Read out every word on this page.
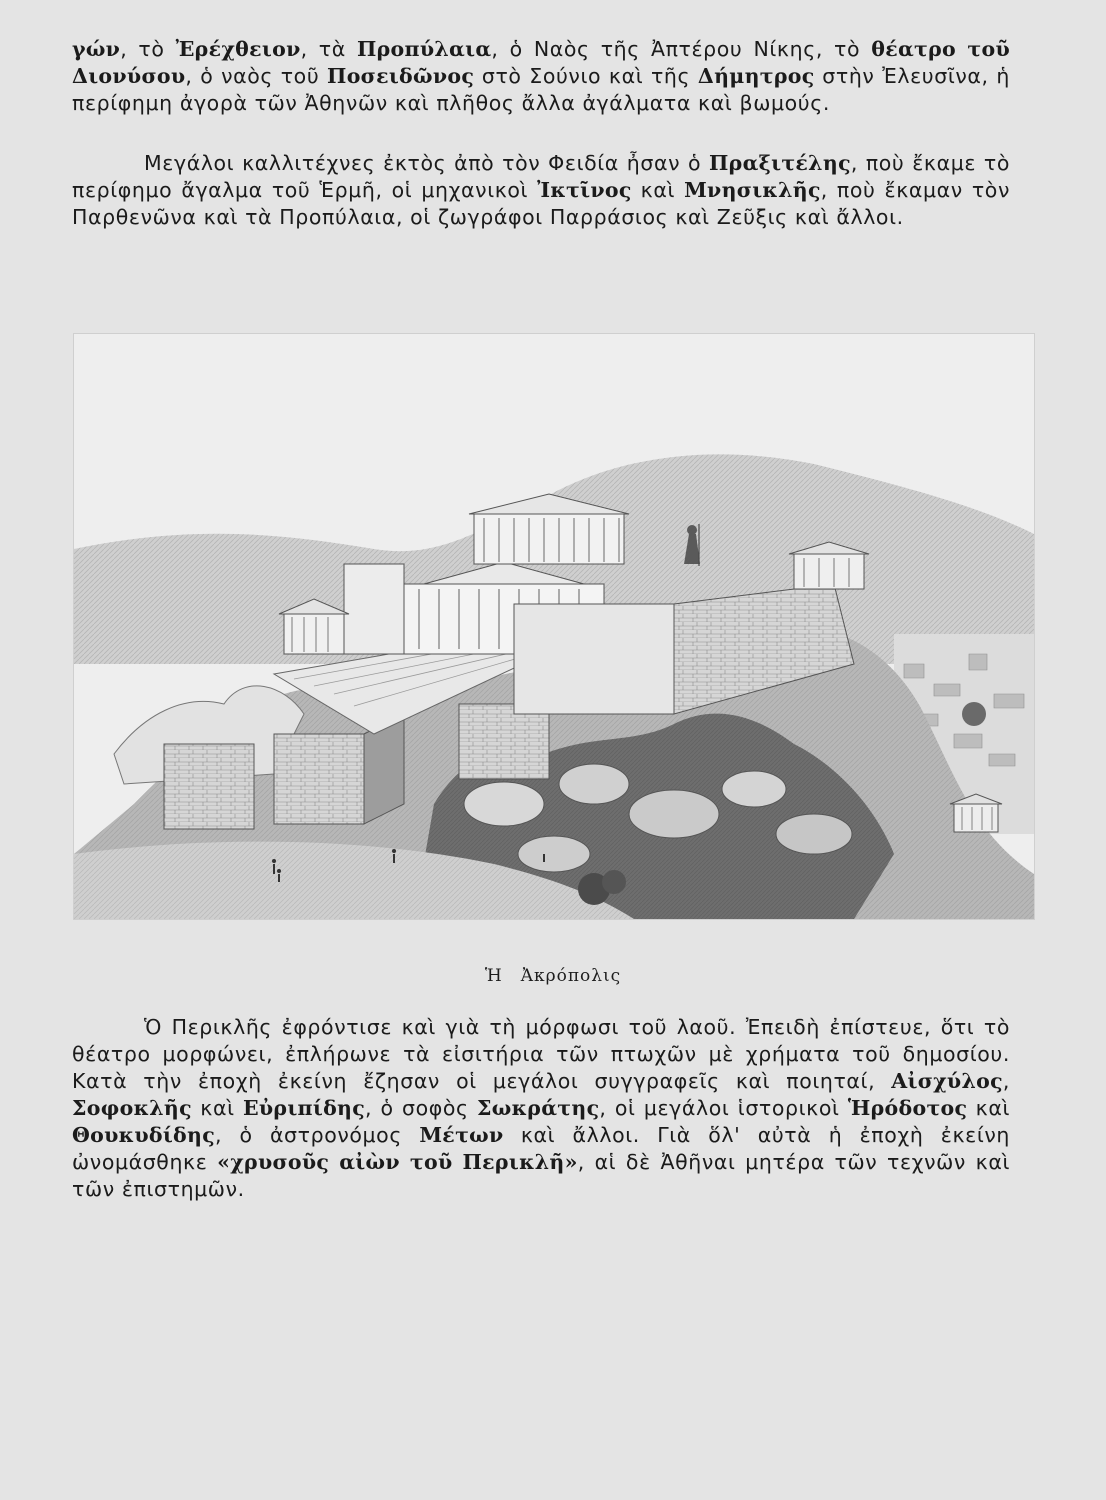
γών, τὸ Ἐρέχθειον, τὰ Προπύλαια, ὁ Ναὸς τῆς Ἀπτέρου Νίκης, τὸ θέατρο τοῦ Διονύσου, ὁ ναὸς τοῦ Ποσειδῶνος στὸ Σούνιο καὶ τῆς Δήμητρος στὴν Ἐλευσῖνα, ἡ περίφημη ἀγορὰ τῶν Ἀθηνῶν καὶ πλῆθος ἄλλα ἀγάλματα καὶ βωμούς.

Μεγάλοι καλλιτέχνες ἐκτὸς ἀπὸ τὸν Φειδία ἦσαν ὁ Πραξιτέλης, ποὺ ἔκαμε τὸ περίφημο ἄγαλμα τοῦ Ἑρμῆ, οἱ μηχανικοὶ Ἰκτῖνος καὶ Μνησικλῆς, ποὺ ἔκαμαν τὸν Παρθενῶνα καὶ τὰ Προπύλαια, οἱ ζωγράφοι Παρράσιος καὶ Ζεῦξις καὶ ἄλλοι.

Ἡ Ἀκρόπολις

Ὁ Περικλῆς ἐφρόντισε καὶ γιὰ τὴ μόρφωσι τοῦ λαοῦ. Ἐπειδὴ ἐπίστευε, ὅτι τὸ θέατρο μορφώνει, ἐπλήρωνε τὰ εἰσιτήρια τῶν πτωχῶν μὲ χρήματα τοῦ δημοσίου. Κατὰ τὴν ἐποχὴ ἐκείνη ἔζησαν οἱ μεγάλοι συγγραφεῖς καὶ ποιηταί, Αἰσχύλος, Σοφοκλῆς καὶ Εὐριπίδης, ὁ σοφὸς Σωκράτης, οἱ μεγάλοι ἱστορικοὶ Ἡρόδοτος καὶ Θουκυδίδης, ὁ ἀστρονόμος Μέτων καὶ ἄλλοι. Γιὰ ὅλ' αὐτὰ ἡ ἐποχὴ ἐκείνη ὠνομάσθηκε «χρυσοῦς αἰὼν τοῦ Περικλῆ», αἱ δὲ Ἀθῆναι μητέρα τῶν τεχνῶν καὶ τῶν ἐπιστημῶν.
